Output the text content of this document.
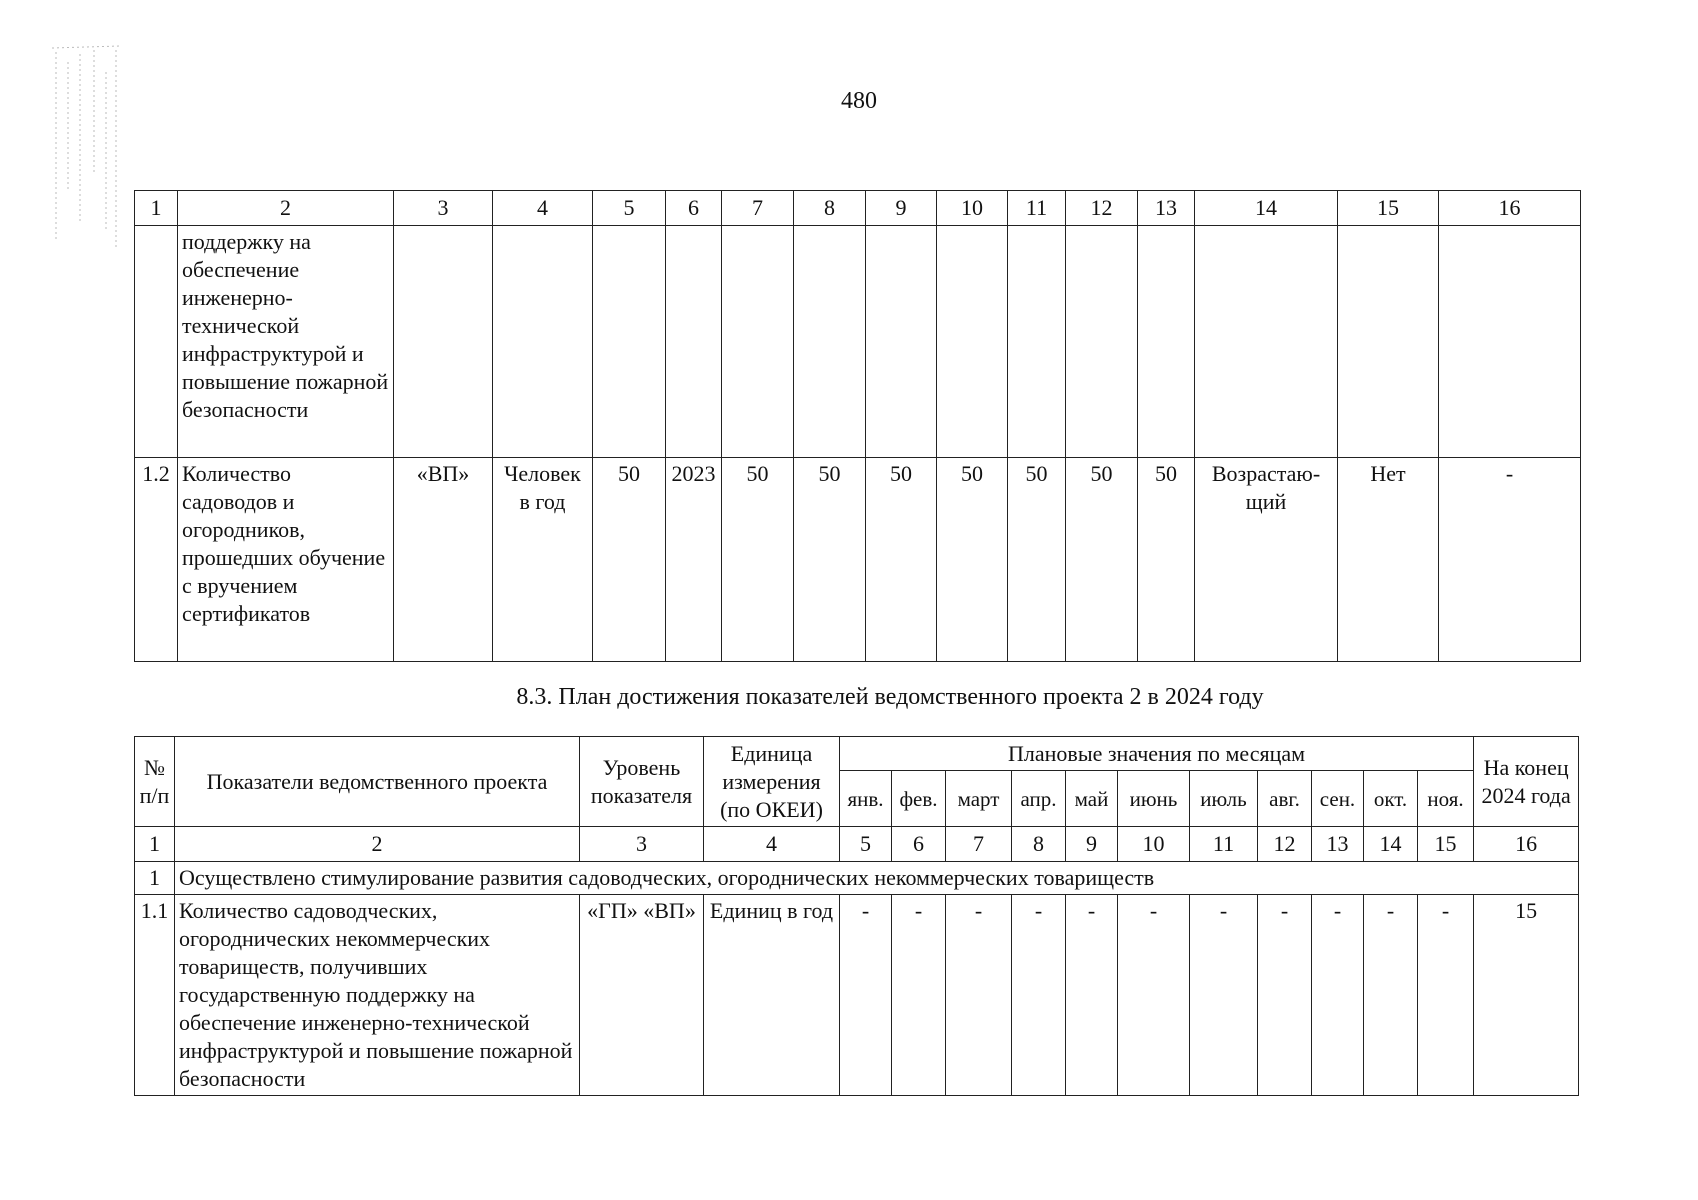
480
1	2	3	4	5	6	7	8	9	10	11	12	13	14	15	16
	поддержку на обеспечение инженерно-технической инфраструктурой и повышение пожарной безопасности														
1.2	Количество садоводов и огородников, прошедших обучение с вручением сертификатов	«ВП»	Человек в год	50	2023	50	50	50	50	50	50	50	Возрастаю-щий	Нет	-
8.3. План достижения показателей ведомственного проекта 2 в 2024 году
№ п/п	Показатели ведомственного проекта	Уровень показателя	Единица измерения (по ОКЕИ)	Плановые значения по месяцам											На конец 2024 года
				янв.	фев.	март	апр.	май	июнь	июль	авг.	сен.	окт.	ноя.	
1	2	3	4	5	6	7	8	9	10	11	12	13	14	15	16
1	Осуществлено стимулирование развития садоводческих, огороднических некоммерческих товариществ														
1.1	Количество садоводческих, огороднических некоммерческих товариществ, получивших государственную поддержку на обеспечение инженерно-технической инфраструктурой и повышение пожарной безопасности	«ГП» «ВП»	Единиц в год	-	-	-	-	-	-	-	-	-	-	-	15
